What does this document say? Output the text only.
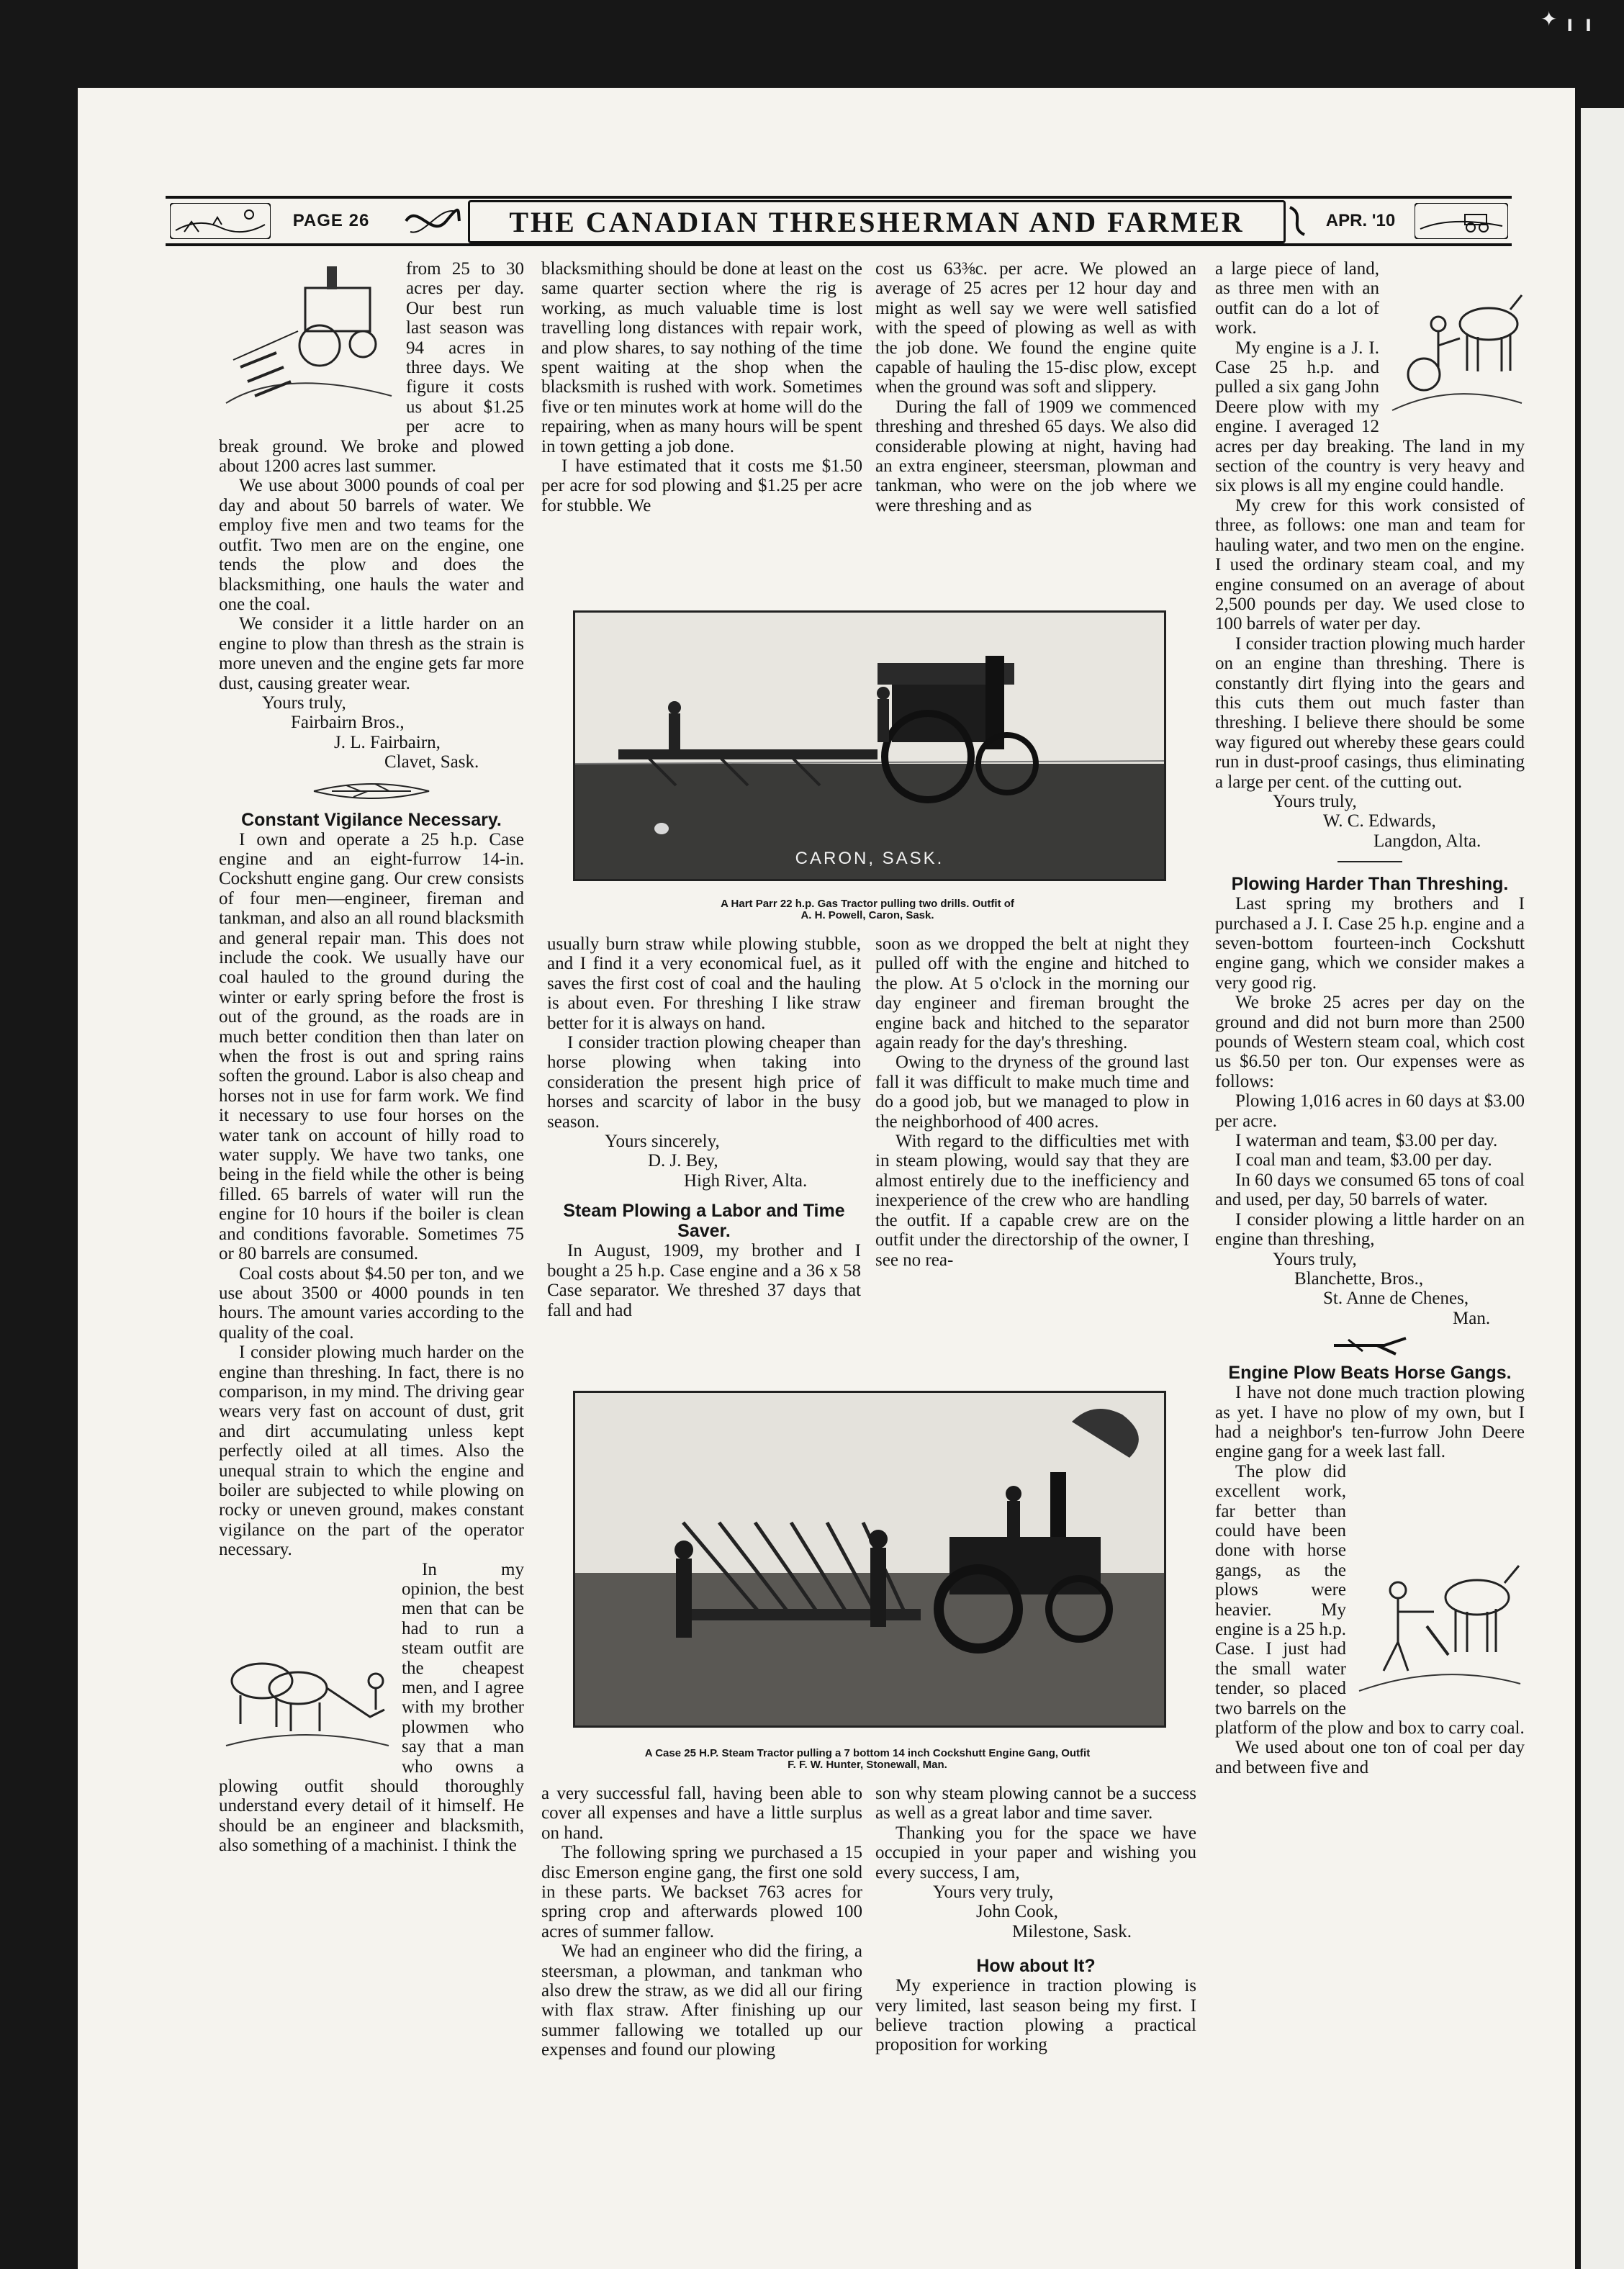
✦ ╻ ╻
PAGE 26	THE CANADIAN THRESHERMAN AND FARMER	APR. '10

from 25 to 30 acres per day. Our best run last season was 94 acres in three days. We figure it costs us about $1.25 per acre to break ground. We broke and plowed about 1200 acres last summer.

We use about 3000 pounds of coal per day and about 50 barrels of water. We employ five men and two teams for the outfit. Two men are on the engine, one tends the plow and does the blacksmithing, one hauls the water and one the coal.

We consider it a little harder on an engine to plow than thresh as the strain is more uneven and the engine gets far more dust, causing greater wear.

Yours truly,

Fairbairn Bros.,

J. L. Fairbairn,

Clavet, Sask.

Constant Vigilance Necessary.

I own and operate a 25 h.p. Case engine and an eight-furrow 14-in. Cockshutt engine gang. Our crew consists of four men—engineer, fireman and tankman, and also an all round blacksmith and general repair man. This does not include the cook. We usually have our coal hauled to the ground during the winter or early spring before the frost is out of the ground, as the roads are in much better condition then than later on when the frost is out and spring rains soften the ground. Labor is also cheap and horses not in use for farm work. We find it necessary to use four horses on the water tank on account of hilly road to water supply. We have two tanks, one being in the field while the other is being filled. 65 barrels of water will run the engine for 10 hours if the boiler is clean and conditions favorable. Sometimes 75 or 80 barrels are consumed.

Coal costs about $4.50 per ton, and we use about 3500 or 4000 pounds in ten hours. The amount varies according to the quality of the coal.

I consider plowing much harder on the engine than threshing. In fact, there is no comparison, in my mind. The driving gear wears very fast on account of dust, grit and dirt accumulating unless kept perfectly oiled at all times. Also the unequal strain to which the engine and boiler are subjected to while plowing on rocky or uneven ground, makes constant vigilance on the part of the operator necessary.

In my opinion, the best men that can be had to run a steam outfit are the cheapest men, and I agree with my brother plowmen who say that a man who owns a plowing outfit should thoroughly understand every detail of it himself. He should be an engineer and blacksmith, also something of a machinist. I think the

blacksmithing should be done at least on the same quarter section where the rig is working, as much valuable time is lost travelling long distances with repair work, and plow shares, to say nothing of the time spent waiting at the shop when the blacksmith is rushed with work. Sometimes five or ten minutes work at home will do the repairing, when as many hours will be spent in town getting a job done.

I have estimated that it costs me $1.50 per acre for sod plowing and $1.25 per acre for stubble. We

cost us 63⅜c. per acre. We plowed an average of 25 acres per 12 hour day and might as well say we were well satisfied with the speed of plowing as well as with the job done. We found the engine quite capable of hauling the 15-disc plow, except when the ground was soft and slippery.

During the fall of 1909 we commenced threshing and threshed 65 days. We also did considerable plowing at night, having had an extra engineer, steersman, plowman and tankman, who were on the job where we were threshing and as

CARON, SASK.
A Hart Parr 22 h.p. Gas Tractor pulling two drills. Outfit of
A. H. Powell, Caron, Sask.

usually burn straw while plowing stubble, and I find it a very economical fuel, as it saves the first cost of coal and the hauling is about even. For threshing I like straw better for it is always on hand.

I consider traction plowing cheaper than horse plowing when taking into consideration the present high price of horses and scarcity of labor in the busy season.

Yours sincerely,

D. J. Bey,

High River, Alta.

Steam Plowing a Labor and Time Saver.

In August, 1909, my brother and I bought a 25 h.p. Case engine and a 36 x 58 Case separator. We threshed 37 days that fall and had

soon as we dropped the belt at night they pulled off with the engine and hitched to the plow. At 5 o'clock in the morning our day engineer and fireman brought the engine back and hitched to the separator again ready for the day's threshing.

Owing to the dryness of the ground last fall it was difficult to make much time and do a good job, but we managed to plow in the neighborhood of 400 acres.

With regard to the difficulties met with in steam plowing, would say that they are almost entirely due to the inefficiency and inexperience of the crew who are handling the outfit. If a capable crew are on the outfit under the directorship of the owner, I see no rea-

A Case 25 H.P. Steam Tractor pulling a 7 bottom 14 inch Cockshutt Engine Gang, Outfit
F. F. W. Hunter, Stonewall, Man.

a very successful fall, having been able to cover all expenses and have a little surplus on hand.

The following spring we purchased a 15 disc Emerson engine gang, the first one sold in these parts. We backset 763 acres for spring crop and afterwards plowed 100 acres of summer fallow.

We had an engineer who did the firing, a steersman, a plowman, and tankman who also drew the straw, as we did all our firing with flax straw. After finishing up our summer fallowing we totalled up our expenses and found our plowing

son why steam plowing cannot be a success as well as a great labor and time saver.

Thanking you for the space we have occupied in your paper and wishing you every success, I am,

Yours very truly,

John Cook,

Milestone, Sask.

How about It?

My experience in traction plowing is very limited, last season being my first. I believe traction plowing a practical proposition for working

a large piece of land, as three men with an outfit can do a lot of work.

My engine is a J. I. Case 25 h.p. and pulled a six gang John Deere plow with my engine. I averaged 12 acres per day breaking. The land in my section of the country is very heavy and six plows is all my engine could handle.

My crew for this work consisted of three, as follows: one man and team for hauling water, and two men on the engine. I used the ordinary steam coal, and my engine consumed on an average of about 2,500 pounds per day. We used close to 100 barrels of water per day.

I consider traction plowing much harder on an engine than threshing. There is constantly dirt flying into the gears and this cuts them out much faster than threshing. I believe there should be some way figured out whereby these gears could run in dust-proof casings, thus eliminating a large per cent. of the cutting out.

Yours truly,

W. C. Edwards,

Langdon, Alta.

Plowing Harder Than Threshing.

Last spring my brothers and I purchased a J. I. Case 25 h.p. engine and a seven-bottom fourteen-inch Cockshutt engine gang, which we consider makes a very good rig.

We broke 25 acres per day on the ground and did not burn more than 2500 pounds of Western steam coal, which cost us $6.50 per ton. Our expenses were as follows:

Plowing 1,016 acres in 60 days at $3.00 per acre.

I waterman and team, $3.00 per day.

I coal man and team, $3.00 per day.

In 60 days we consumed 65 tons of coal and used, per day, 50 barrels of water.

I consider plowing a little harder on an engine than threshing,

Yours truly,

Blanchette, Bros.,

St. Anne de Chenes,

Man.

Engine Plow Beats Horse Gangs.

I have not done much traction plowing as yet. I have no plow of my own, but I had a neighbor's ten-furrow John Deere engine gang for a week last fall.

The plow did excellent work, far better than could have been done with horse gangs, as the plows were heavier. My engine is a 25 h.p. Case. I just had the small water tender, so placed two barrels on the platform of the plow and box to carry coal.

We used about one ton of coal per day and between five and
